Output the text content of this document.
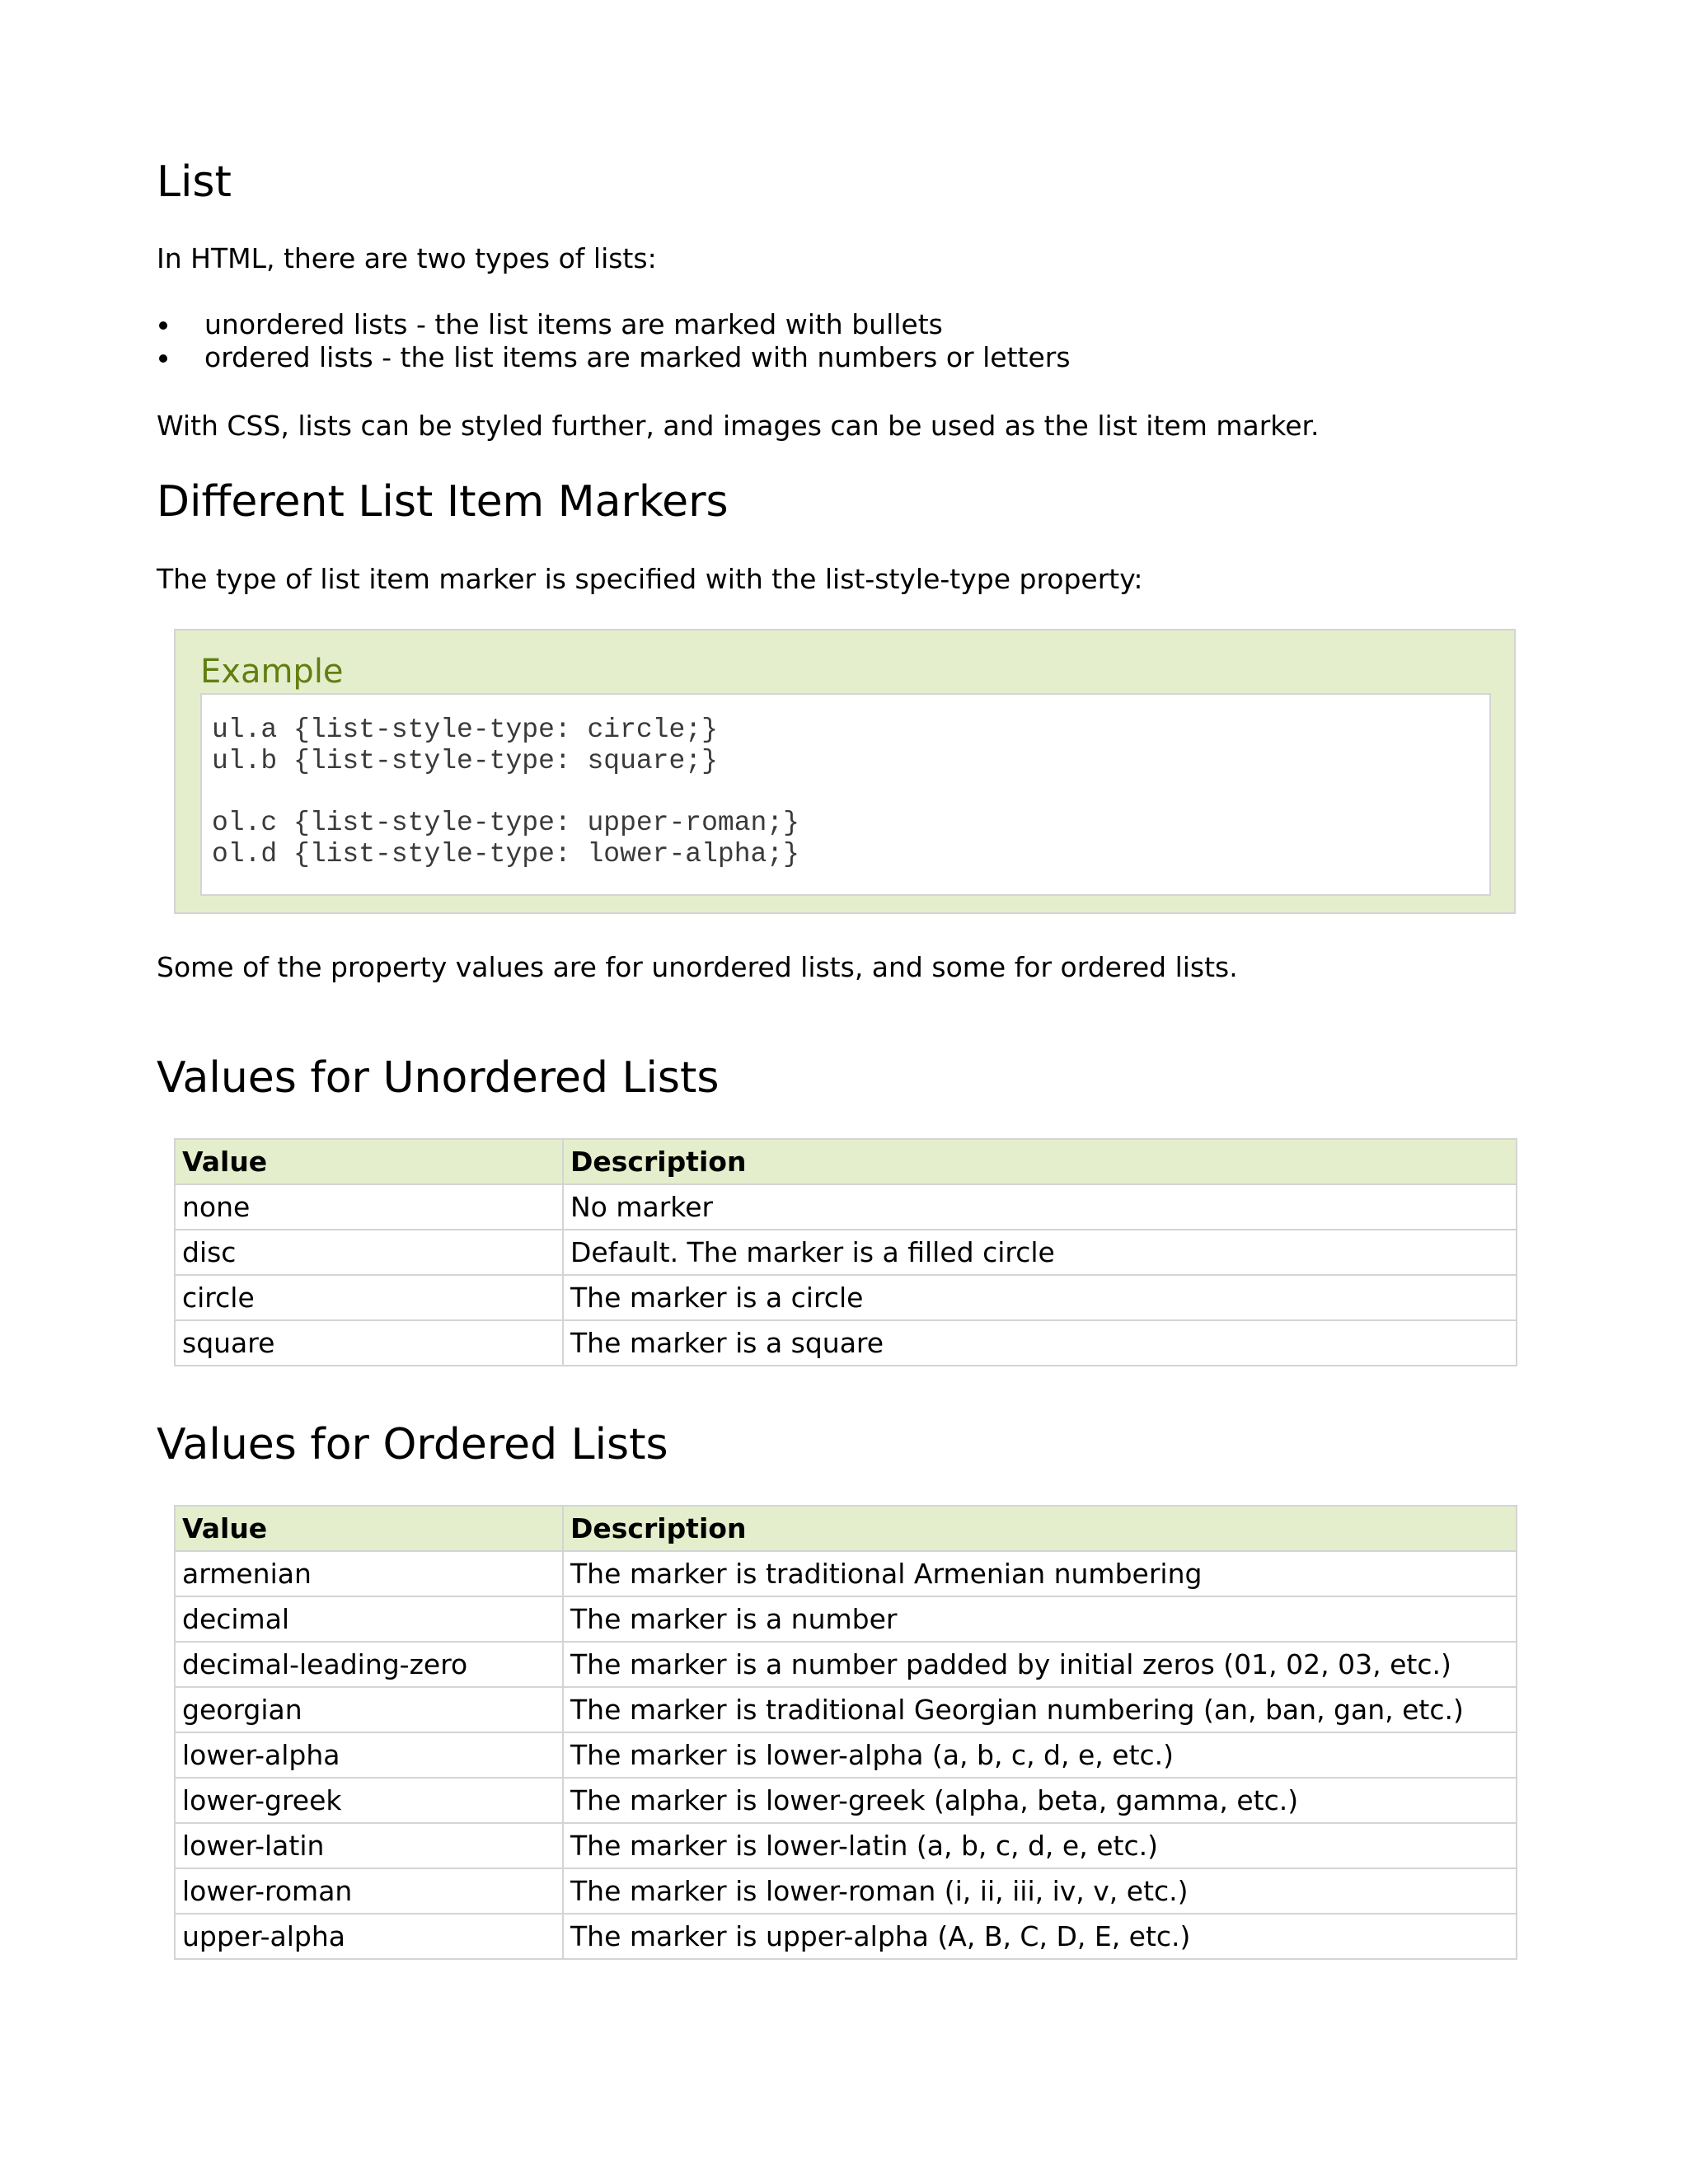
List

In HTML, there are two types of lists:

unordered lists - the list items are marked with bullets
ordered lists - the list items are marked with numbers or letters

With CSS, lists can be styled further, and images can be used as the list item marker.

Different List Item Markers

The type of list item marker is specified with the list-style-type property:

Example
ul.a {list-style-type: circle;}
ul.b {list-style-type: square;}
ol.c {list-style-type: upper-roman;}
ol.d {list-style-type: lower-alpha;}

Some of the property values are for unordered lists, and some for ordered lists.

Values for Unordered Lists
Value	Description
none	No marker
disc	Default. The marker is a filled circle
circle	The marker is a circle
square	The marker is a square
Values for Ordered Lists
Value	Description
armenian	The marker is traditional Armenian numbering
decimal	The marker is a number
decimal-leading-zero	The marker is a number padded by initial zeros (01, 02, 03, etc.)
georgian	The marker is traditional Georgian numbering (an, ban, gan, etc.)
lower-alpha	The marker is lower-alpha (a, b, c, d, e, etc.)
lower-greek	The marker is lower-greek (alpha, beta, gamma, etc.)
lower-latin	The marker is lower-latin (a, b, c, d, e, etc.)
lower-roman	The marker is lower-roman (i, ii, iii, iv, v, etc.)
upper-alpha	The marker is upper-alpha (A, B, C, D, E, etc.)
